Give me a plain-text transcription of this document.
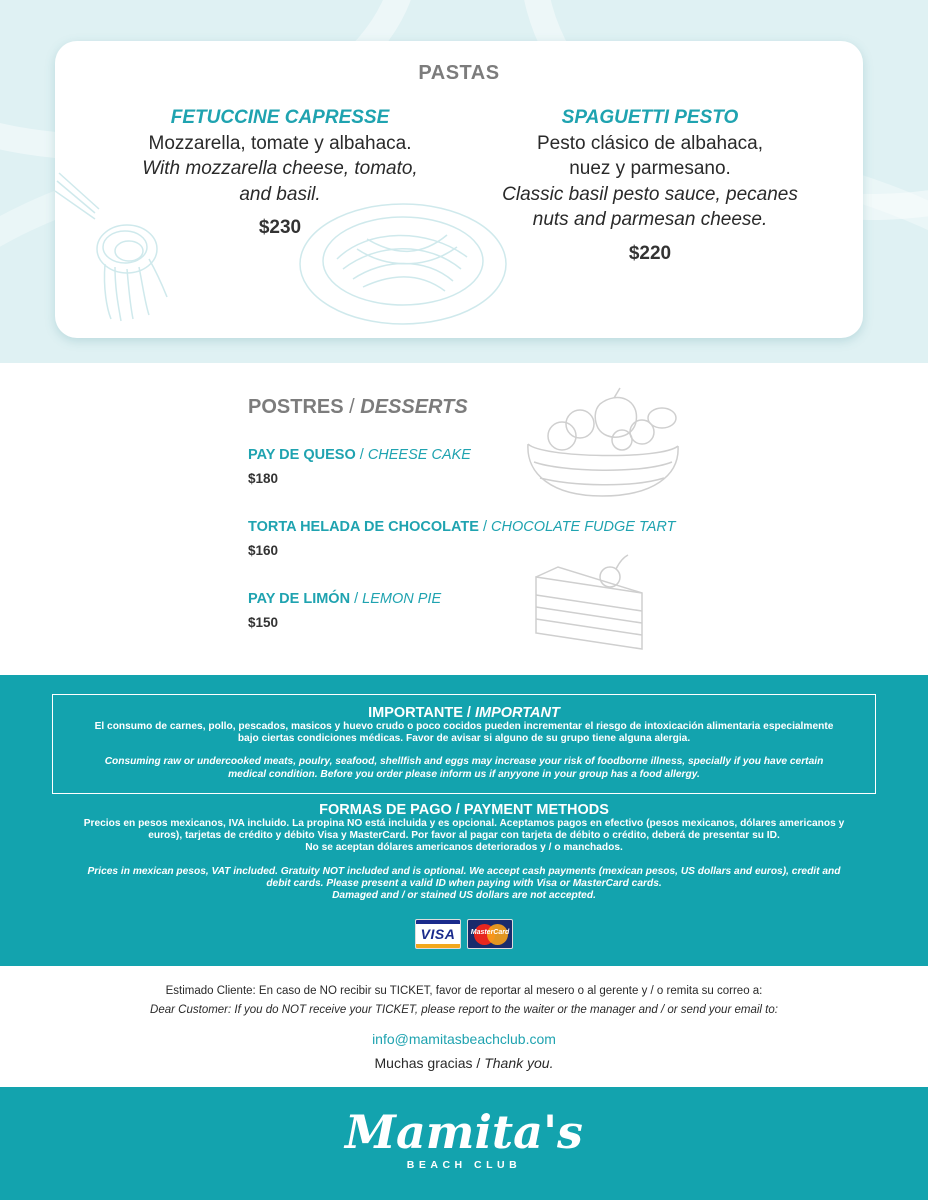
PASTAS
FETUCCINE CAPRESSE
Mozzarella, tomate y albahaca.
With mozzarella cheese, tomato,
and basil.
$230
SPAGUETTI PESTO
Pesto clásico de albahaca,
nuez y parmesano.
Classic basil pesto sauce, pecanes
nuts and parmesan cheese.
$220
POSTRES / DESSERTS
PAY DE QUESO / CHEESE CAKE
$180
TORTA HELADA DE CHOCOLATE / CHOCOLATE FUDGE TART
$160
PAY DE LIMÓN / LEMON PIE
$150
IMPORTANTE / IMPORTANT
El consumo de carnes, pollo, pescados, masicos y huevo crudo o poco cocidos pueden incrementar el riesgo de intoxicación alimentaria especialmente
bajo ciertas condiciones médicas. Favor de avisar si alguno de su grupo tiene alguna alergia.
Consuming raw or undercooked meats, poulry, seafood, shellfish and eggs may increase your risk of foodborne illness, specially if you have certain
medical condition. Before you order please inform us if anyyone in your group has a food allergy.
FORMAS DE PAGO / PAYMENT METHODS
Precios en pesos mexicanos, IVA incluido. La propina NO está incluida y es opcional. Aceptamos pagos en efectivo (pesos mexicanos, dólares americanos y
euros), tarjetas de crédito y débito Visa y MasterCard. Por favor al pagar con tarjeta de débito o crédito, deberá de presentar su ID.
No se aceptan dólares americanos deteriorados y / o manchados.
Prices in mexican pesos, VAT included. Gratuity NOT included and is optional. We accept cash payments (mexican pesos, US dollars and euros), credit and
debit cards. Please present a valid ID when paying with Visa or MasterCard cards.
Damaged and / or stained US dollars are not accepted.
VISA	MasterCard
Estimado Cliente: En caso de NO recibir su TICKET, favor de reportar al mesero o al gerente y / o remita su correo a:
Dear Customer: If you do NOT receive your TICKET, please report to the waiter or the manager and / or send your email to:
info@mamitasbeachclub.com
Muchas gracias / Thank you.
Mamita's
BEACH CLUB
